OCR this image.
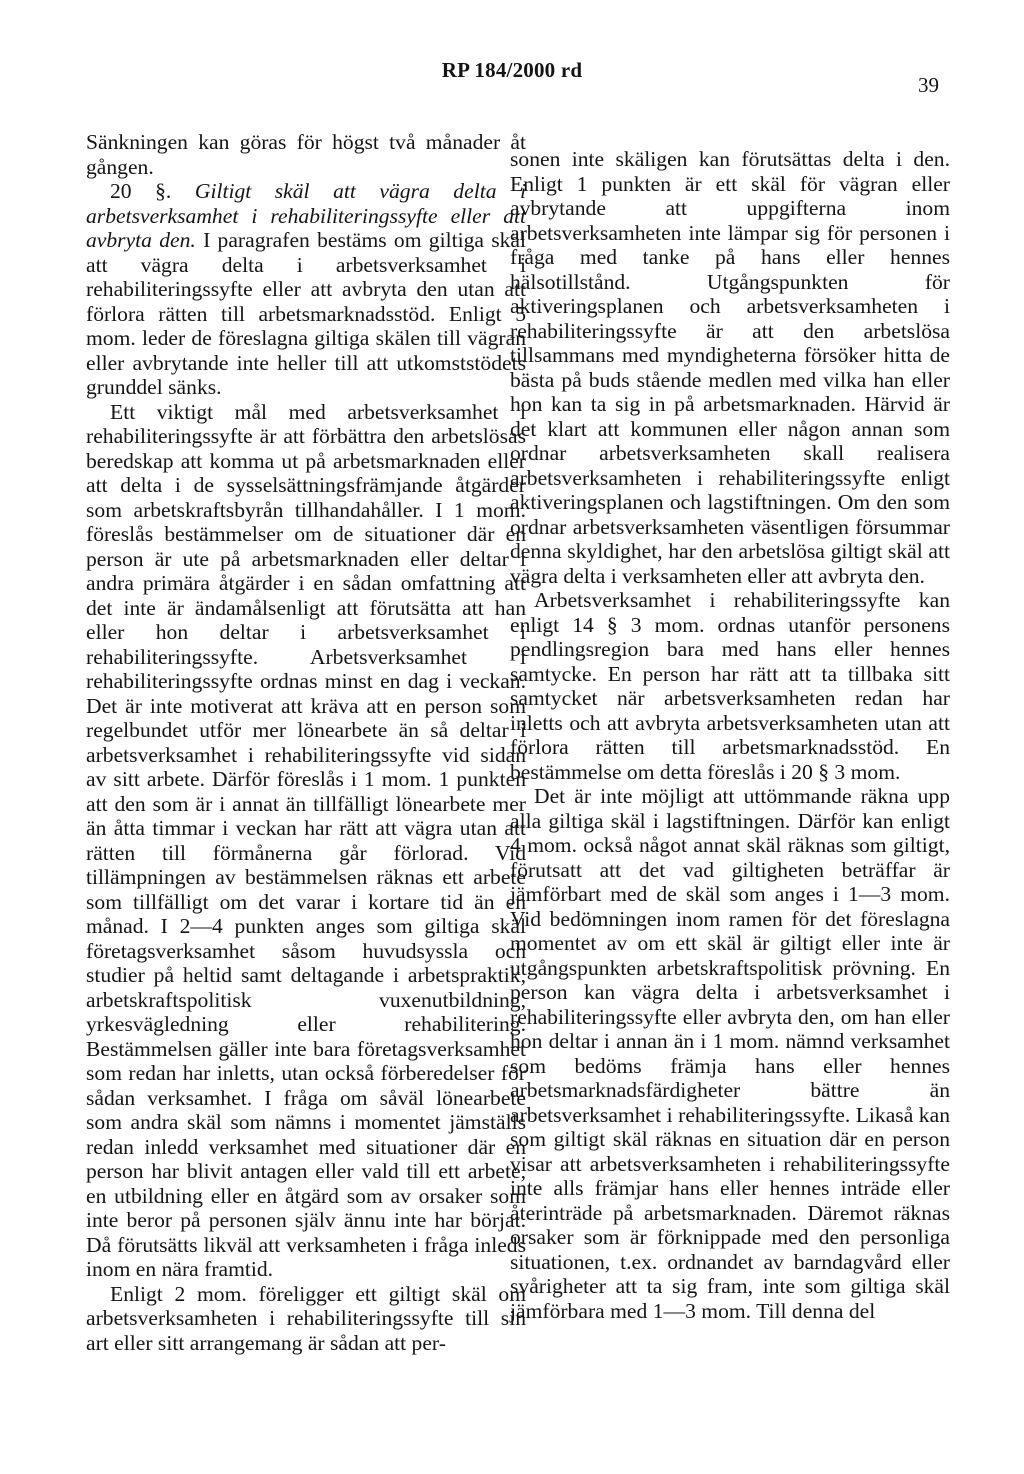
RP 184/2000 rd
39

Sänkningen kan göras för högst två månader åt gången.

20 §. Giltigt skäl att vägra delta i arbetsverksamhet i rehabiliteringssyfte eller att avbryta den. I paragrafen bestäms om giltiga skäl att vägra delta i arbetsverksamhet i rehabiliteringssyfte eller att avbryta den utan att förlora rätten till arbetsmarknadsstöd. Enligt 5 mom. leder de föreslagna giltiga skälen till vägran eller avbrytande inte heller till att utkomststödets grunddel sänks.

Ett viktigt mål med arbetsverksamhet i rehabiliteringssyfte är att förbättra den arbetslösas beredskap att komma ut på arbetsmarknaden eller att delta i de sysselsättningsfrämjande åtgärder som arbetskraftsbyrån tillhandahåller. I 1 mom. föreslås bestämmelser om de situationer där en person är ute på arbetsmarknaden eller deltar i andra primära åtgärder i en sådan omfattning att det inte är ändamålsenligt att förutsätta att han eller hon deltar i arbetsverksamhet i rehabiliteringssyfte. Arbetsverksamhet i rehabiliteringssyfte ordnas minst en dag i veckan. Det är inte motiverat att kräva att en person som regelbundet utför mer lönearbete än så deltar i arbetsverksamhet i rehabiliteringssyfte vid sidan av sitt arbete. Därför föreslås i 1 mom. 1 punkten att den som är i annat än tillfälligt lönearbete mer än åtta timmar i veckan har rätt att vägra utan att rätten till förmånerna går förlorad. Vid tillämpningen av bestämmelsen räknas ett arbete som tillfälligt om det varar i kortare tid än en månad. I 2—4 punkten anges som giltiga skäl företagsverksamhet såsom huvudsyssla och studier på heltid samt deltagande i arbetspraktik, arbetskraftspolitisk vuxenutbildning, yrkesvägledning eller rehabilitering. Bestämmelsen gäller inte bara företagsverksamhet som redan har inletts, utan också förberedelser för sådan verksamhet. I fråga om såväl lönearbete som andra skäl som nämns i momentet jämställs redan inledd verksamhet med situationer där en person har blivit antagen eller vald till ett arbete, en utbildning eller en åtgärd som av orsaker som inte beror på personen själv ännu inte har börjat. Då förutsätts likväl att verksamheten i fråga inleds inom en nära framtid.

Enligt 2 mom. föreligger ett giltigt skäl om arbetsverksamheten i rehabiliteringssyfte till sin art eller sitt arrangemang är sådan att per-

sonen inte skäligen kan förutsättas delta i den. Enligt 1 punkten är ett skäl för vägran eller avbrytande att uppgifterna inom arbetsverksamheten inte lämpar sig för personen i fråga med tanke på hans eller hennes hälsotillstånd. Utgångspunkten för aktiveringsplanen och arbetsverksamheten i rehabiliteringssyfte är att den arbetslösa tillsammans med myndigheterna försöker hitta de bästa på buds stående medlen med vilka han eller hon kan ta sig in på arbetsmarknaden. Härvid är det klart att kommunen eller någon annan som ordnar arbetsverksamheten skall realisera arbetsverksamheten i rehabiliteringssyfte enligt aktiveringsplanen och lagstiftningen. Om den som ordnar arbetsverksamheten väsentligen försummar denna skyldighet, har den arbetslösa giltigt skäl att vägra delta i verksamheten eller att avbryta den.

Arbetsverksamhet i rehabiliteringssyfte kan enligt 14 § 3 mom. ordnas utanför personens pendlingsregion bara med hans eller hennes samtycke. En person har rätt att ta tillbaka sitt samtycket när arbetsverksamheten redan har inletts och att avbryta arbetsverksamheten utan att förlora rätten till arbetsmarknadsstöd. En bestämmelse om detta föreslås i 20 § 3 mom.

Det är inte möjligt att uttömmande räkna upp alla giltiga skäl i lagstiftningen. Därför kan enligt 4 mom. också något annat skäl räknas som giltigt, förutsatt att det vad giltigheten beträffar är jämförbart med de skäl som anges i 1—3 mom. Vid bedömningen inom ramen för det föreslagna momentet av om ett skäl är giltigt eller inte är utgångspunkten arbetskraftspolitisk prövning. En person kan vägra delta i arbetsverksamhet i rehabiliteringssyfte eller avbryta den, om han eller hon deltar i annan än i 1 mom. nämnd verksamhet som bedöms främja hans eller hennes arbetsmarknadsfärdigheter bättre än arbetsverksamhet i rehabiliteringssyfte. Likaså kan som giltigt skäl räknas en situation där en person visar att arbetsverksamheten i rehabiliteringssyfte inte alls främjar hans eller hennes inträde eller återinträde på arbetsmarknaden. Däremot räknas orsaker som är förknippade med den personliga situationen, t.ex. ordnandet av barndagvård eller svårigheter att ta sig fram, inte som giltiga skäl jämförbara med 1—3 mom. Till denna del
